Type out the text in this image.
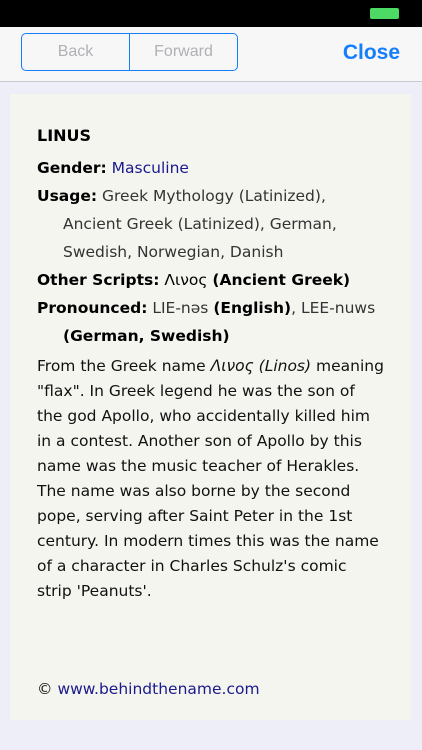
Back	Forward	Close
LINUS
Gender: Masculine
Usage: Greek Mythology (Latinized), Ancient Greek (Latinized), German, Swedish, Norwegian, Danish
Other Scripts: Λινος (Ancient Greek)
Pronounced: LIE-nəs (English), LEE-nuws (German, Swedish)
From the Greek name Λινος (Linos) meaning "flax". In Greek legend he was the son of the god Apollo, who accidentally killed him in a contest. Another son of Apollo by this name was the music teacher of Herakles. The name was also borne by the second pope, serving after Saint Peter in the 1st century. In modern times this was the name of a character in Charles Schulz's comic strip 'Peanuts'.
© www.behindthename.com
